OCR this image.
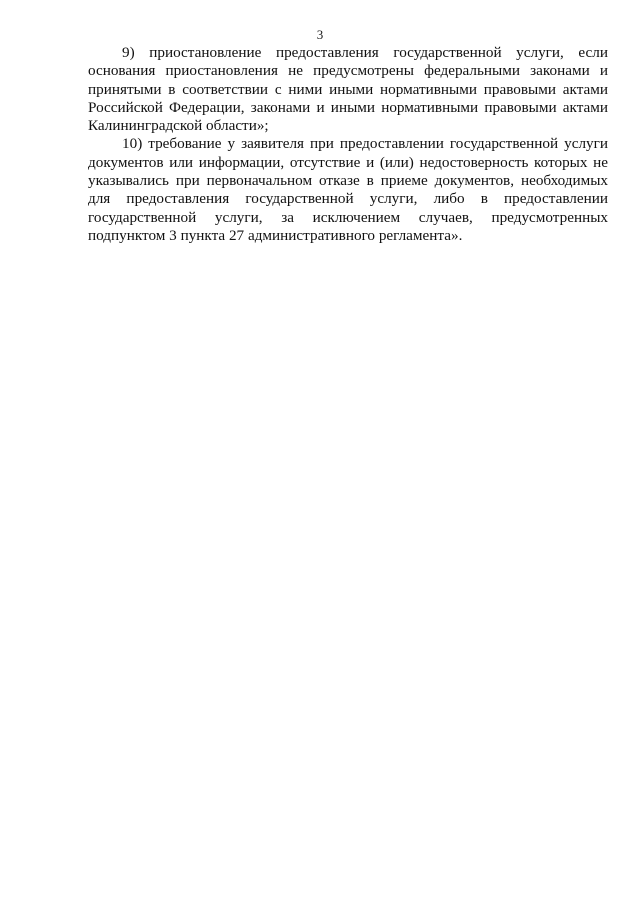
3

9) приостановление предоставления государственной услуги, если основания приостановления не предусмотрены федеральными законами и принятыми в соответствии с ними иными нормативными правовыми актами Российской Федерации, законами и иными нормативными правовыми актами Калининградской области»;

10) требование у заявителя при предоставлении государственной услуги документов или информации, отсутствие и (или) недостоверность которых не указывались при первоначальном отказе в приеме документов, необходимых для предоставления государственной услуги, либо в предоставлении государственной услуги, за исключением случаев, предусмотренных подпунктом 3 пункта 27 административного регламента».
